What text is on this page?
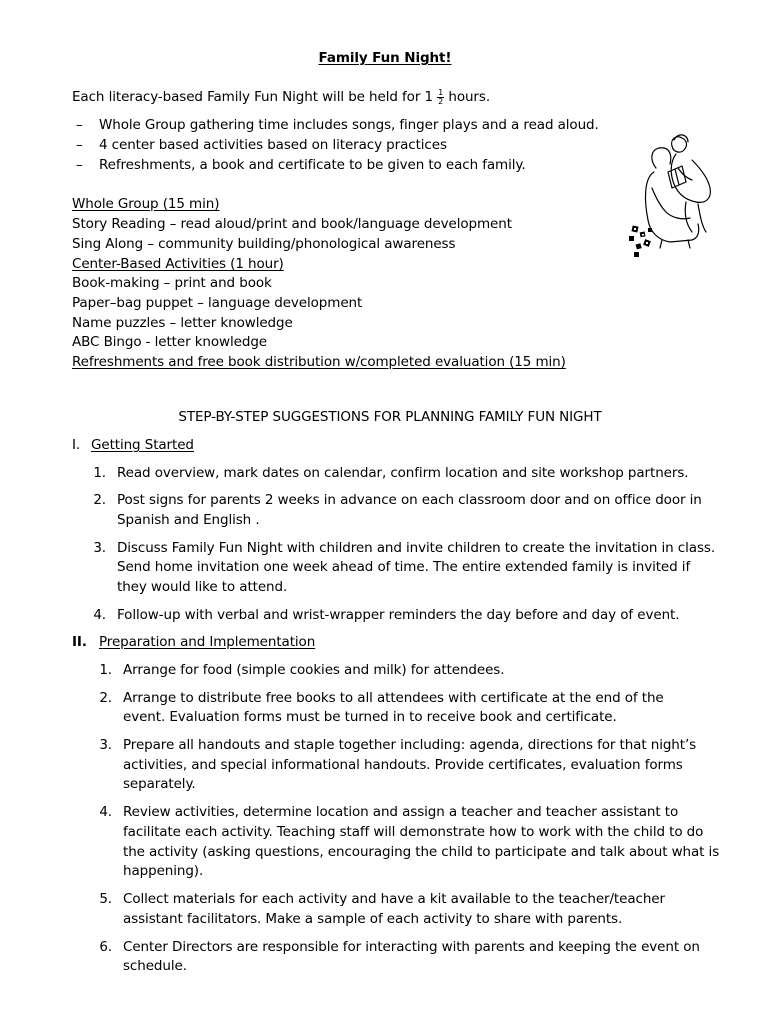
Family Fun Night!
Each literacy-based Family Fun Night will be held for $1 \frac{1}{2}$ hours.
– Whole Group gathering time includes songs, finger plays and a read aloud.
– 4 center based activities based on literacy practices
– Refreshments, a book and certificate to be given to each family.
Whole Group (15 min)
Story Reading – read aloud/print and book/language development
Sing Along – community building/phonological awareness
Center-Based Activities (1 hour)
Book-making – print and book
Paper–bag puppet – language development
Name puzzles – letter knowledge
ABC Bingo - letter knowledge
Refreshments and free book distribution w/completed evaluation (15 min)
STEP-BY-STEP SUGGESTIONS FOR PLANNING FAMILY FUN NIGHT
I. Getting Started
1. Read overview, mark dates on calendar, confirm location and site workshop partners.
2. Post signs for parents 2 weeks in advance on each classroom door and on office door in
Spanish and English .
3. Discuss Family Fun Night with children and invite children to create the invitation in class.
Send home invitation one week ahead of time. The entire extended family is invited if
they would like to attend.
4. Follow-up with verbal and wrist-wrapper reminders the day before and day of event.
II. Preparation and Implementation
1. Arrange for food (simple cookies and milk) for attendees.
2. Arrange to distribute free books to all attendees with certificate at the end of the
event. Evaluation forms must be turned in to receive book and certificate.
3. Prepare all handouts and staple together including: agenda, directions for that night’s
activities, and special informational handouts. Provide certificates, evaluation forms
separately.
4. Review activities, determine location and assign a teacher and teacher assistant to
facilitate each activity. Teaching staff will demonstrate how to work with the child to do
the activity (asking questions, encouraging the child to participate and talk about what is
happening).
5. Collect materials for each activity and have a kit available to the teacher/teacher
assistant facilitators. Make a sample of each activity to share with parents.
6. Center Directors are responsible for interacting with parents and keeping the event on
schedule.
